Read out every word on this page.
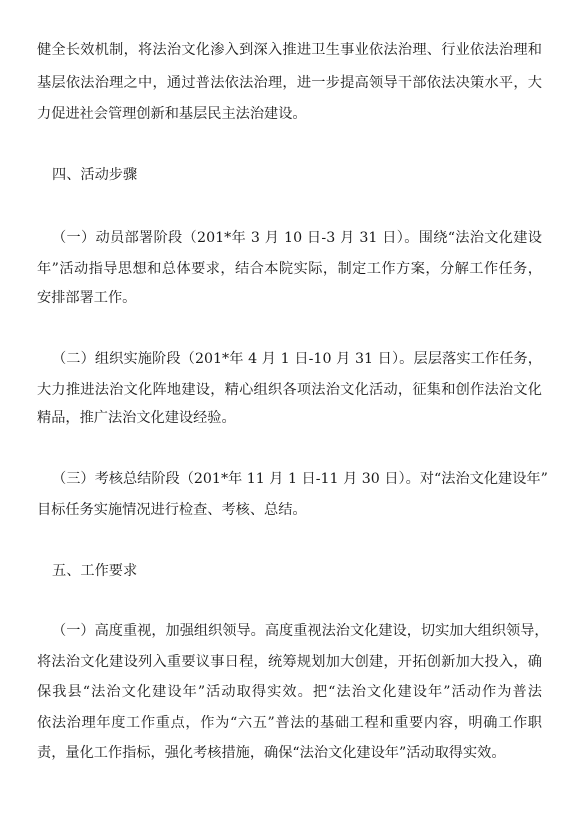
健全长效机制，将法治文化渗入到深入推进卫生事业依法治理、行业依法治理和
基层依法治理之中，通过普法依法治理，进一步提高领导干部依法决策水平，大
力促进社会管理创新和基层民主法治建设。
四、活动步骤
（一）动员部署阶段（201*年 3 月 10 日-3 月 31 日）。围绕“法治文化建设
年”活动指导思想和总体要求，结合本院实际，制定工作方案，分解工作任务，
安排部署工作。
（二）组织实施阶段（201*年 4 月 1 日-10 月 31 日）。层层落实工作任务，
大力推进法治文化阵地建设，精心组织各项法治文化活动，征集和创作法治文化
精品，推广法治文化建设经验。
（三）考核总结阶段（201*年 11 月 1 日-11 月 30 日）。对“法治文化建设年”
目标任务实施情况进行检查、考核、总结。
五、工作要求
（一）高度重视，加强组织领导。高度重视法治文化建设，切实加大组织领导，
将法治文化建设列入重要议事日程，统筹规划加大创建，开拓创新加大投入，确
保我县“法治文化建设年”活动取得实效。把“法治文化建设年”活动作为普法
依法治理年度工作重点，作为“六五”普法的基础工程和重要内容，明确工作职
责，量化工作指标，强化考核措施，确保“法治文化建设年”活动取得实效。
